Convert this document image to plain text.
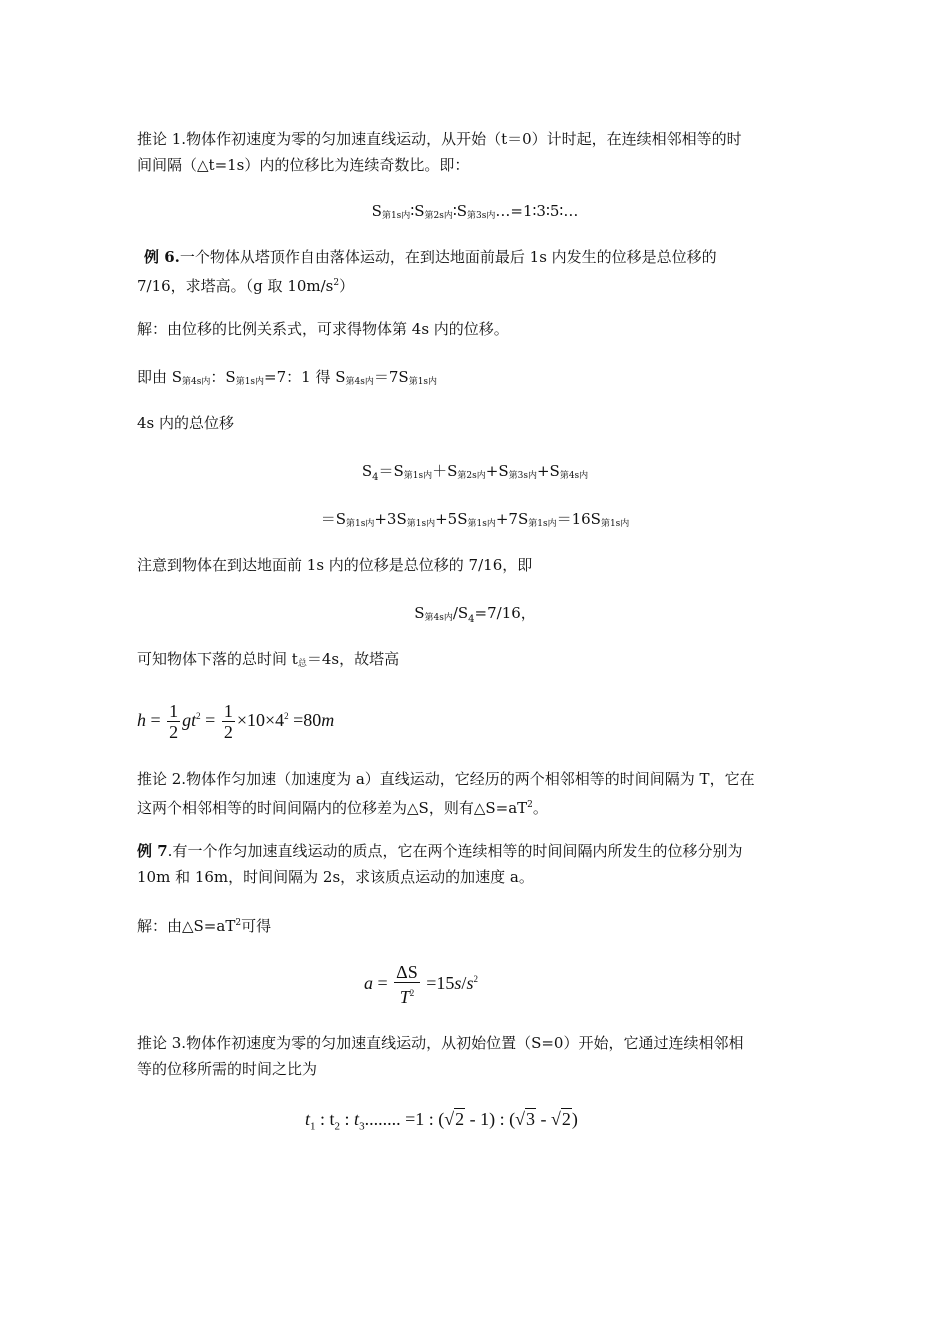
推论 1.物体作初速度为零的匀加速直线运动，从开始（t＝0）计时起，在连续相邻相等的时

间间隔（△t=1s）内的位移比为连续奇数比。即：

$S_{第1s内}∶S_{第2s内}∶S_{第3s内}\dots=1∶3∶5∶\dots$

例 6.一个物体从塔顶作自由落体运动，在到达地面前最后 1s 内发生的位移是总位移的

7/16，求塔高。（g 取 $10m/s^2$）

解：由位移的比例关系式，可求得物体第 4s 内的位移。

即由 $S_{第4s内}$：$S_{第1s内}=7$：1 得 $S_{第4s内}=7S_{第1s内}$

4s 内的总位移

$S_4=S_{第1s内}+S_{第2s内}+S_{第3s内}+S_{第4s内}$

$=S_{第1s内}+3S_{第1s内}+5S_{第1s内}+7S_{第1s内}=16S_{第1s内}$

注意到物体在到达地面前 1s 内的位移是总位移的 7/16，即

$S_{第4s内}/S_4=7/16$，

可知物体下落的总时间 $t_总=4s$，故塔高

$h = \frac{1}{2} gt^2 = \frac{1}{2} \times 10\times 4^2 =80m$

推论 2.物体作匀加速（加速度为 a）直线运动，它经历的两个相邻相等的时间间隔为 T，它在

这两个相邻相等的时间间隔内的位移差为△S，则有$\triangle S=aT^2$。

例 7.有一个作匀加速直线运动的质点，它在两个连续相等的时间间隔内所发生的位移分别为

10m 和 16m，时间间隔为 2s，求该质点运动的加速度 a。

解：由$\triangle S=aT^2$可得

$a = \frac{\Delta S}{T^2} =15s/s^2$

推论 3.物体作初速度为零的匀加速直线运动，从初始位置（S=0）开始，它通过连续相邻相

等的位移所需的时间之比为

$t_1$ : $t_2$ : $t_3$........ =1 : (√2 - 1) : (√3 - √2)
